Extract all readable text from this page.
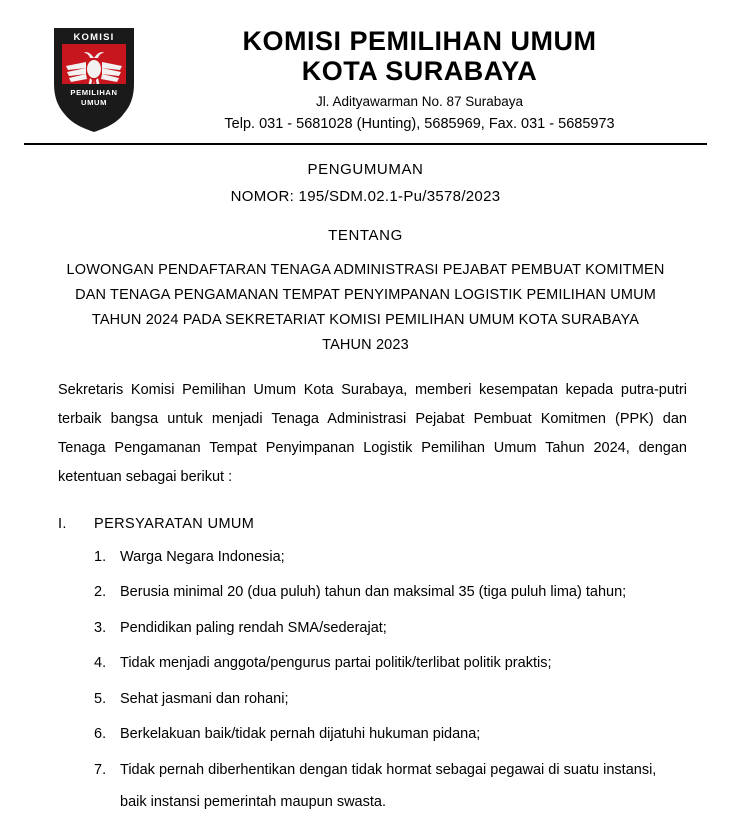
KOMISI
PEMILIHAN
UMUM
KOMISI PEMILIHAN UMUM
KOTA SURABAYA
Jl. Adityawarman No. 87 Surabaya
Telp. 031 - 5681028 (Hunting), 5685969, Fax. 031 - 5685973
PENGUMUMAN
NOMOR: 195/SDM.02.1-Pu/3578/2023
TENTANG
LOWONGAN PENDAFTARAN TENAGA ADMINISTRASI PEJABAT PEMBUAT KOMITMEN
DAN TENAGA PENGAMANAN TEMPAT PENYIMPANAN LOGISTIK PEMILIHAN UMUM
TAHUN 2024 PADA SEKRETARIAT KOMISI PEMILIHAN UMUM KOTA SURABAYA
TAHUN 2023
Sekretaris Komisi Pemilihan Umum Kota Surabaya, memberi kesempatan kepada putra-putri terbaik bangsa untuk menjadi Tenaga Administrasi Pejabat Pembuat Komitmen (PPK) dan Tenaga Pengamanan Tempat Penyimpanan Logistik Pemilihan Umum Tahun 2024, dengan ketentuan sebagai berikut :
I.	PERSYARATAN UMUM
1. Warga Negara Indonesia;
2. Berusia minimal 20 (dua puluh) tahun dan maksimal 35 (tiga puluh lima) tahun;
3. Pendidikan paling rendah SMA/sederajat;
4. Tidak menjadi anggota/pengurus partai politik/terlibat politik praktis;
5. Sehat jasmani dan rohani;
6. Berkelakuan baik/tidak pernah dijatuhi hukuman pidana;
7. Tidak pernah diberhentikan dengan tidak hormat sebagai pegawai di suatu instansi,
baik instansi pemerintah maupun swasta.
